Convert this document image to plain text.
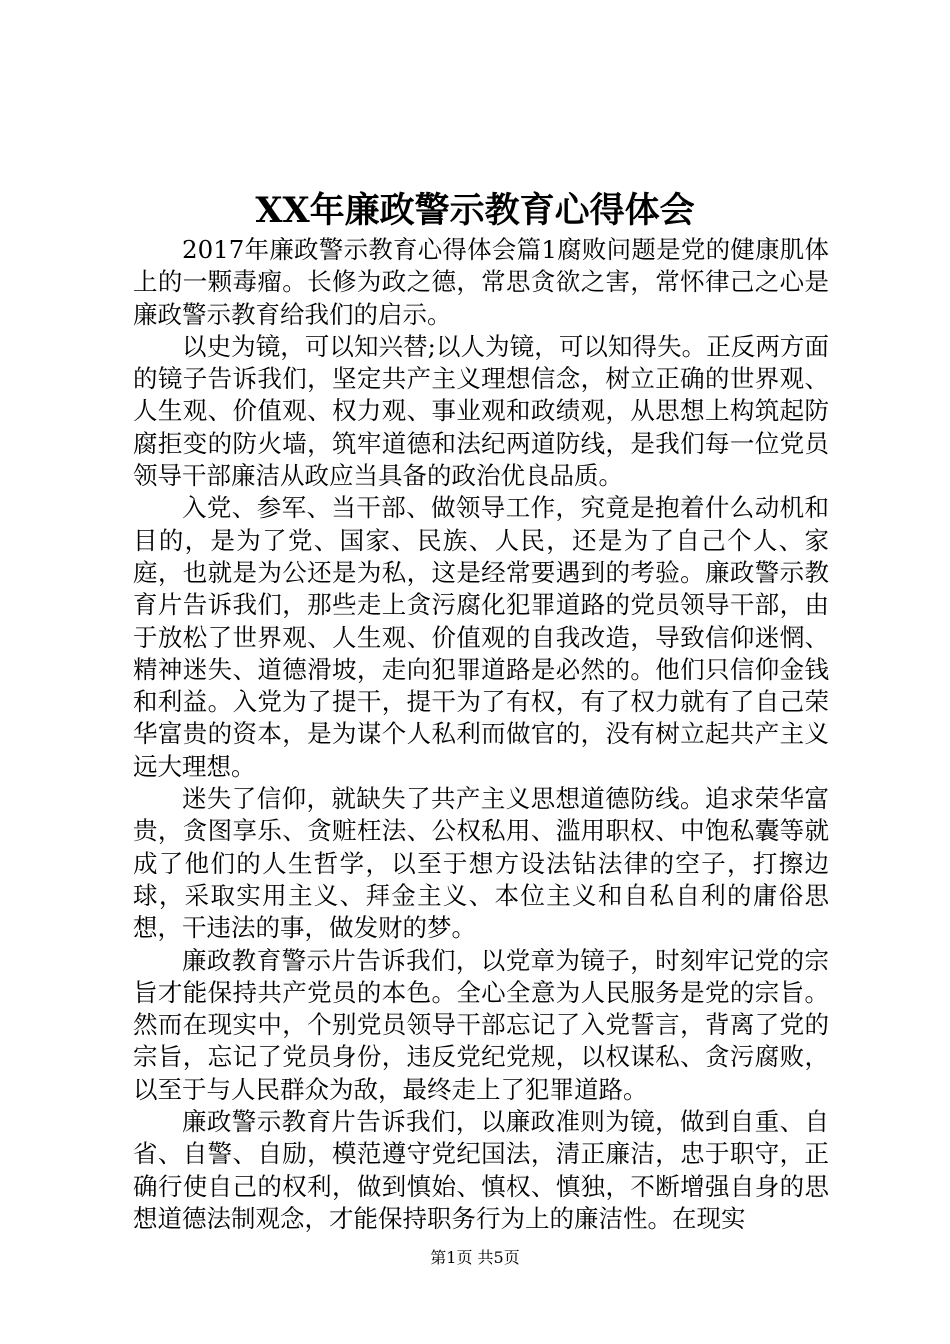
XX年廉政警示教育心得体会

2017年廉政警示教育心得体会篇1腐败问题是党的健康肌体上的一颗毒瘤。长修为政之德，常思贪欲之害，常怀律己之心是廉政警示教育给我们的启示。

以史为镜，可以知兴替;以人为镜，可以知得失。正反两方面的镜子告诉我们，坚定共产主义理想信念，树立正确的世界观、人生观、价值观、权力观、事业观和政绩观，从思想上构筑起防腐拒变的防火墙，筑牢道德和法纪两道防线，是我们每一位党员领导干部廉洁从政应当具备的政治优良品质。

入党、参军、当干部、做领导工作，究竟是抱着什么动机和目的，是为了党、国家、民族、人民，还是为了自己个人、家庭，也就是为公还是为私，这是经常要遇到的考验。廉政警示教育片告诉我们，那些走上贪污腐化犯罪道路的党员领导干部，由于放松了世界观、人生观、价值观的自我改造，导致信仰迷惘、精神迷失、道德滑坡，走向犯罪道路是必然的。他们只信仰金钱和利益。入党为了提干，提干为了有权，有了权力就有了自己荣华富贵的资本，是为谋个人私利而做官的，没有树立起共产主义远大理想。

迷失了信仰，就缺失了共产主义思想道德防线。追求荣华富贵，贪图享乐、贪赃枉法、公权私用、滥用职权、中饱私囊等就成了他们的人生哲学，以至于想方设法钻法律的空子，打擦边球，采取实用主义、拜金主义、本位主义和自私自利的庸俗思想，干违法的事，做发财的梦。

廉政教育警示片告诉我们，以党章为镜子，时刻牢记党的宗旨才能保持共产党员的本色。全心全意为人民服务是党的宗旨。然而在现实中，个别党员领导干部忘记了入党誓言，背离了党的宗旨，忘记了党员身份，违反党纪党规，以权谋私、贪污腐败，以至于与人民群众为敌，最终走上了犯罪道路。

廉政警示教育片告诉我们，以廉政准则为镜，做到自重、自省、自警、自励，模范遵守党纪国法，清正廉洁，忠于职守，正确行使自己的权利，做到慎始、慎权、慎独，不断增强自身的思想道德法制观念，才能保持职务行为上的廉洁性。在现实

第1页 共5页
